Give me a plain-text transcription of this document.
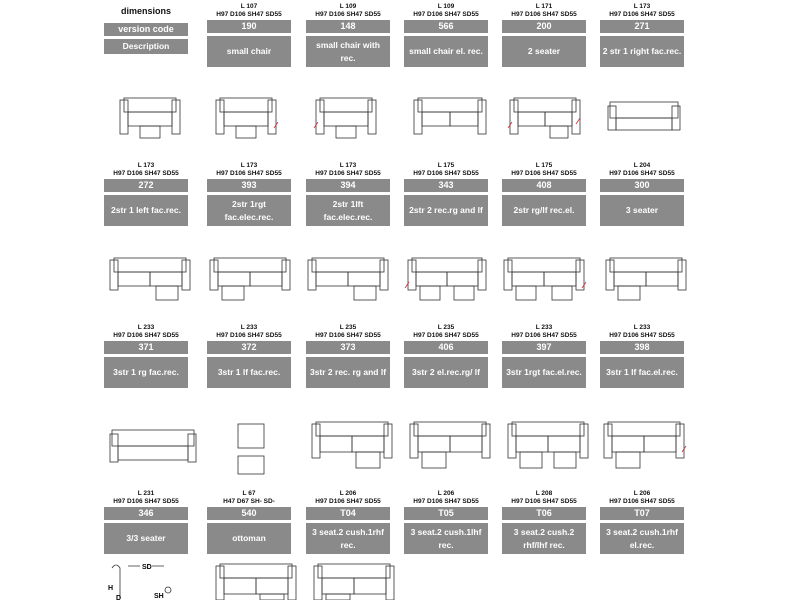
dimensions
version code
Description
L 107
H97 D106 SH47 SD55
190
small chair
L 109
H97 D106 SH47 SD55
148
small chair with rec.
L 109
H97 D106 SH47 SD55
566
small chair el. rec.
L 171
H97 D106 SH47 SD55
200
2 seater
L 173
H97 D106 SH47 SD55
271
2 str 1 right fac.rec.
L 173
H97 D106 SH47 SD55
272
2str 1 left fac.rec.
L 173
H97 D106 SH47 SD55
393
2str 1rgt fac.elec.rec.
L 173
H97 D106 SH47 SD55
394
2str 1lft fac.elec.rec.
L 175
H97 D106 SH47 SD55
343
2str 2 rec.rg and lf
L 175
H97 D106 SH47 SD55
408
2str rg/lf rec.el.
L 204
H97 D106 SH47 SD55
300
3 seater
L 233
H97 D106 SH47 SD55
371
3str 1 rg fac.rec.
L 233
H97 D106 SH47 SD55
372
3str 1 lf fac.rec.
L 235
H97 D106 SH47 SD55
373
3str 2 rec. rg and lf
L 235
H97 D106 SH47 SD55
406
3str 2 el.rec.rg/ lf
L 233
H97 D106 SH47 SD55
397
3str 1rgt fac.el.rec.
L 233
H97 D106 SH47 SD55
398
3str 1 lf fac.el.rec.
L 231
H97 D106 SH47 SD55
346
3/3 seater
L 67
H47 D67 SH- SD-
540
ottoman
L 206
H97 D106 SH47 SD55
T04
3 seat.2 cush.1rhf rec.
L 206
H97 D106 SH47 SD55
T05
3 seat.2 cush.1lhf rec.
L 208
H97 D106 SH47 SD55
T06
3 seat.2 cush.2 rhf/lhf rec.
L 206
H97 D106 SH47 SD55
T07
3 seat.2 cush.1rhf el.rec.
SD
H
D	SH
